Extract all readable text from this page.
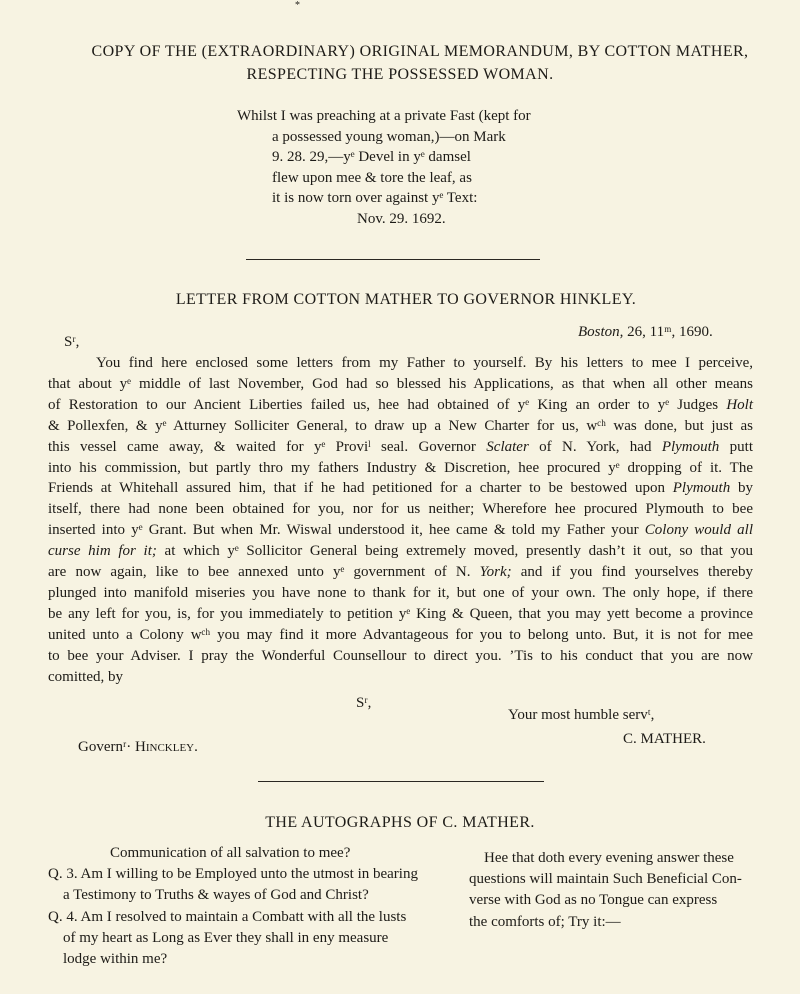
*
COPY OF THE (EXTRAORDINARY) ORIGINAL MEMORANDUM, BY COTTON MATHER,
RESPECTING THE POSSESSED WOMAN.
Whilst I was preaching at a private Fast (kept for
a possessed young woman,)—on Mark
9. 28. 29,—yᵉ Devel in yᵉ damsel
flew upon mee & tore the leaf, as
it is now torn over against yᵉ Text:
Nov. 29. 1692.
LETTER FROM COTTON MATHER TO GOVERNOR HINKLEY.
Boston, 26, 11ᵐ, 1690.
Sʳ,
You find here enclosed some letters from my Father to yourself. By his letters to mee I perceive,
that about yᵉ middle of last November, God had so blessed his Applications, as that when all other means
of Restoration to our Ancient Liberties failed us, hee had obtained of yᵉ King an order to yᵉ Judges Holt
& Pollexfen, & yᵉ Atturney Solliciter General, to draw up a New Charter for us, wᶜʰ was done, but just as
this vessel came away, & waited for yᵉ Proviˡ seal. Governor Sclater of N. York, had Plymouth putt
into his commission, but partly thro my fathers Industry & Discretion, hee procured yᵉ dropping of it. The
Friends at Whitehall assured him, that if he had petitioned for a charter to be bestowed upon Plymouth by
itself, there had none been obtained for you, nor for us neither; Wherefore hee procured Plymouth to bee
inserted into yᵉ Grant. But when Mr. Wiswal understood it, hee came & told my Father your Colony would all
curse him for it; at which yᵉ Sollicitor General being extremely moved, presently dash’t it out, so that you
are now again, like to bee annexed unto yᵉ government of N. York; and if you find yourselves thereby
plunged into manifold miseries you have none to thank for it, but one of your own. The only hope, if there
be any left for you, is, for you immediately to petition yᵉ King & Queen, that you may yett become a province
united unto a Colony wᶜʰ you may find it more Advantageous for you to belong unto. But, it is not for mee
to bee your Adviser. I pray the Wonderful Counsellour to direct you. ’Tis to his conduct that you are now
comitted, by
Sʳ,
Your most humble servᵗ,
C. MATHER.
Governʳ· Hinckley.
THE AUTOGRAPHS OF C. MATHER.
Communication of all salvation to mee?
Q. 3. Am I willing to be Employed unto the utmost in bearing
a Testimony to Truths & wayes of God and Christ?
Q. 4. Am I resolved to maintain a Combatt with all the lusts
of my heart as Long as Ever they shall in eny measure
lodge within me?
Hee that doth every evening answer these
questions will maintain Such Beneficial Con-
verse with God as no Tongue can express
the comforts of; Try it:—
